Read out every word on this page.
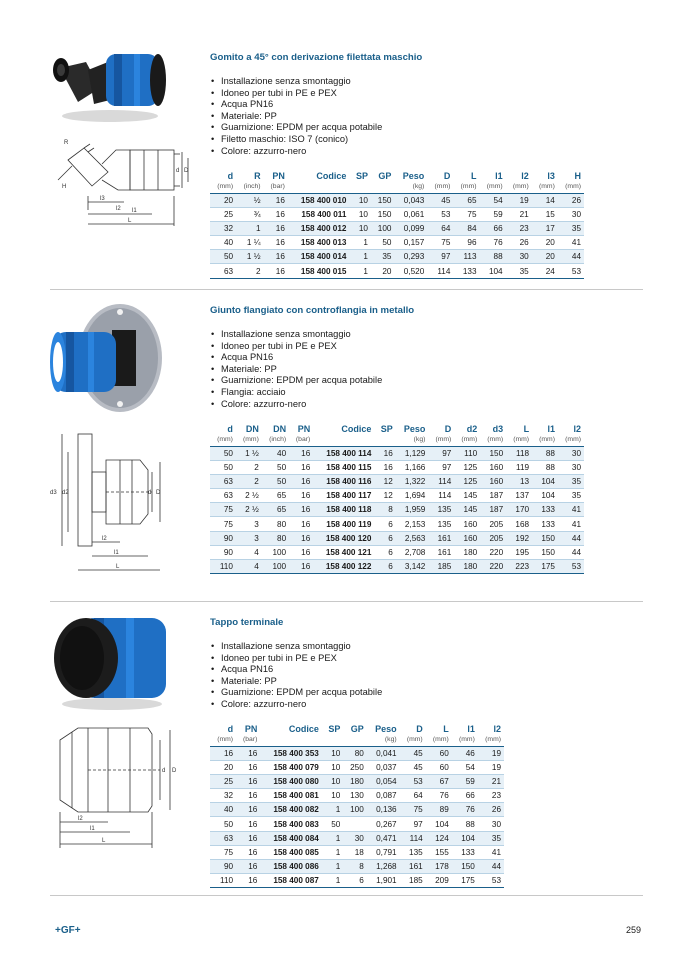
R
H
l3
l2 l1
L
d D
Gomito a 45° con derivazione filettata maschio
• Installazione senza smontaggio
• Idoneo per tubi in PE e PEX
• Acqua PN16
• Materiale: PP
• Guarnizione: EPDM per acqua potabile
• Filetto maschio: ISO 7 (conico)
• Colore: azzurro-nero
d	R	PN	Codice	SP	GP	Peso	D	L	l1	l2	l3	H
(mm)	(inch)	(bar)				(kg)	(mm)	(mm)	(mm)	(mm)	(mm)	(mm)
20	½	16	158 400 010	10	150	0,043	45	65	54	19	14	26
25	¾	16	158 400 011	10	150	0,061	53	75	59	21	15	30
32	1	16	158 400 012	10	100	0,099	64	84	66	23	17	35
40	1 ¼	16	158 400 013	1	50	0,157	75	96	76	26	20	41
50	1 ½	16	158 400 014	1	35	0,293	97	113	88	30	20	44
63	2	16	158 400 015	1	20	0,520	114	133	104	35	24	53
d3 d2	d D
l2
l1
L
Giunto flangiato con controflangia in metallo
• Installazione senza smontaggio
• Idoneo per tubi in PE e PEX
• Acqua PN16
• Materiale: PP
• Guarnizione: EPDM per acqua potabile
• Flangia: acciaio
• Colore: azzurro-nero
d	DN	DN	PN	Codice	SP	Peso	D	d2	d3	L	l1	l2
(mm)	(mm)	(inch)	(bar)			(kg)	(mm)	(mm)	(mm)	(mm)	(mm)	(mm)
50	1 ½	40	16	158 400 114	16	1,129	97	110	150	118	88	30
50	2	50	16	158 400 115	16	1,166	97	125	160	119	88	30
63	2	50	16	158 400 116	12	1,322	114	125	160	13	104	35
63	2 ½	65	16	158 400 117	12	1,694	114	145	187	137	104	35
75	2 ½	65	16	158 400 118	8	1,959	135	145	187	170	133	41
75	3	80	16	158 400 119	6	2,153	135	160	205	168	133	41
90	3	80	16	158 400 120	6	2,563	161	160	205	192	150	44
90	4	100	16	158 400 121	6	2,708	161	180	220	195	150	44
110	4	100	16	158 400 122	6	3,142	185	180	220	223	175	53
d D
l2
l1
L
Tappo terminale
• Installazione senza smontaggio
• Idoneo per tubi in PE e PEX
• Acqua PN16
• Materiale: PP
• Guarnizione: EPDM per acqua potabile
• Colore: azzurro-nero
d	PN	Codice	SP	GP	Peso	D	L	l1	l2
(mm)	(bar)				(kg)	(mm)	(mm)	(mm)	(mm)
16	16	158 400 353	10	80	0,041	45	60	46	19
20	16	158 400 079	10	250	0,037	45	60	54	19
25	16	158 400 080	10	180	0,054	53	67	59	21
32	16	158 400 081	10	130	0,087	64	76	66	23
40	16	158 400 082	1	100	0,136	75	89	76	26
50	16	158 400 083	50		0,267	97	104	88	30
63	16	158 400 084	1	30	0,471	114	124	104	35
75	16	158 400 085	1	18	0,791	135	155	133	41
90	16	158 400 086	1	8	1,268	161	178	150	44
110	16	158 400 087	1	6	1,901	185	209	175	53
+GF+	259
